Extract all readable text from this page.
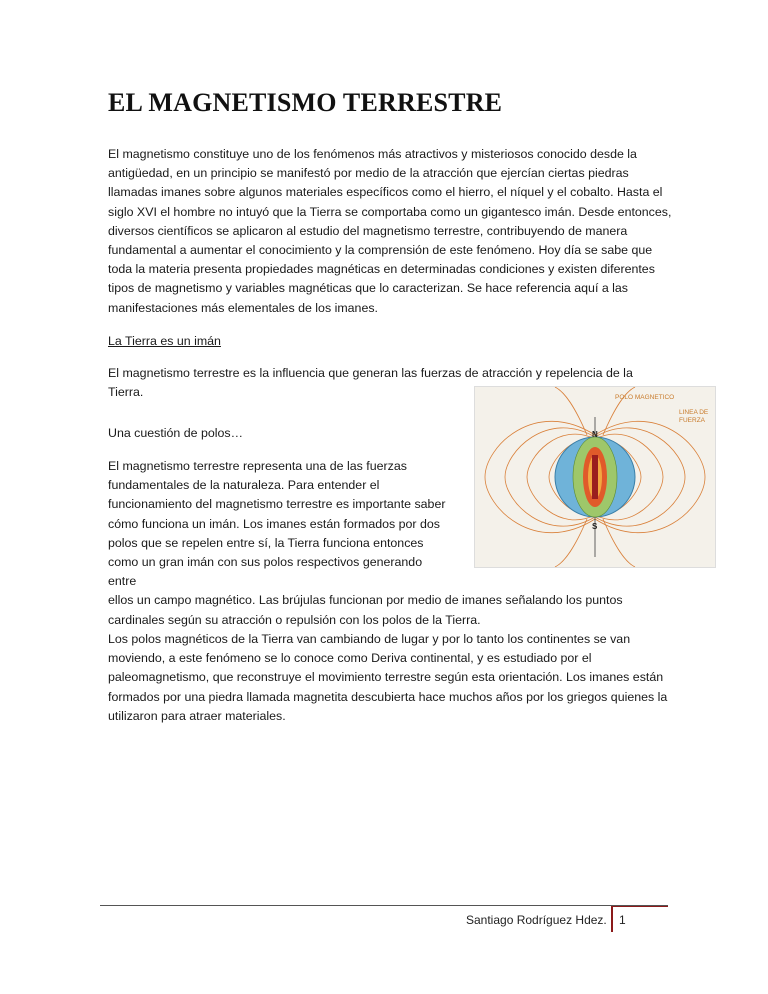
EL MAGNETISMO TERRESTRE

El magnetismo constituye uno de los fenómenos más atractivos y misteriosos conocido desde la antigüedad, en un principio se manifestó por medio de la atracción que ejercían ciertas piedras llamadas imanes sobre algunos materiales específicos como el hierro, el níquel y el cobalto. Hasta el siglo XVI el hombre no intuyó que la Tierra se comportaba como un gigantesco imán. Desde entonces, diversos científicos se aplicaron al estudio del magnetismo terrestre, contribuyendo de manera fundamental a aumentar el conocimiento y la comprensión de este fenómeno. Hoy día se sabe que toda la materia presenta propiedades magnéticas en determinadas condiciones y existen diferentes tipos de magnetismo y variables magnéticas que lo caracterizan. Se hace referencia aquí a las manifestaciones más elementales de los imanes.

La Tierra es un imán

El magnetismo terrestre es la influencia que generan las fuerzas de atracción y repelencia de la Tierra.

Una cuestión de polos…

El magnetismo terrestre representa una de las fuerzas fundamentales de la naturaleza. Para entender el funcionamiento del magnetismo terrestre es importante saber cómo funciona un imán. Los imanes están formados por dos polos que se repelen entre sí, la Tierra funciona entonces como un gran imán con sus polos respectivos generando entre
ellos un campo magnético. Las brújulas funcionan por medio de imanes señalando los puntos cardinales según su atracción o repulsión con los polos de la Tierra.

Los polos magnéticos de la Tierra van cambiando de lugar y por lo tanto los continentes se van moviendo, a este fenómeno se lo conoce como Deriva continental, y es estudiado por el paleomagnetismo, que reconstruye el movimiento terrestre según esta orientación. Los imanes están formados por una piedra llamada magnetita descubierta hace muchos años por los griegos quienes la utilizaron para atraer materiales.

N
S
POLO MAGNETICO
LINEA DE
FUERZA

Santiago Rodríguez Hdez. 1
